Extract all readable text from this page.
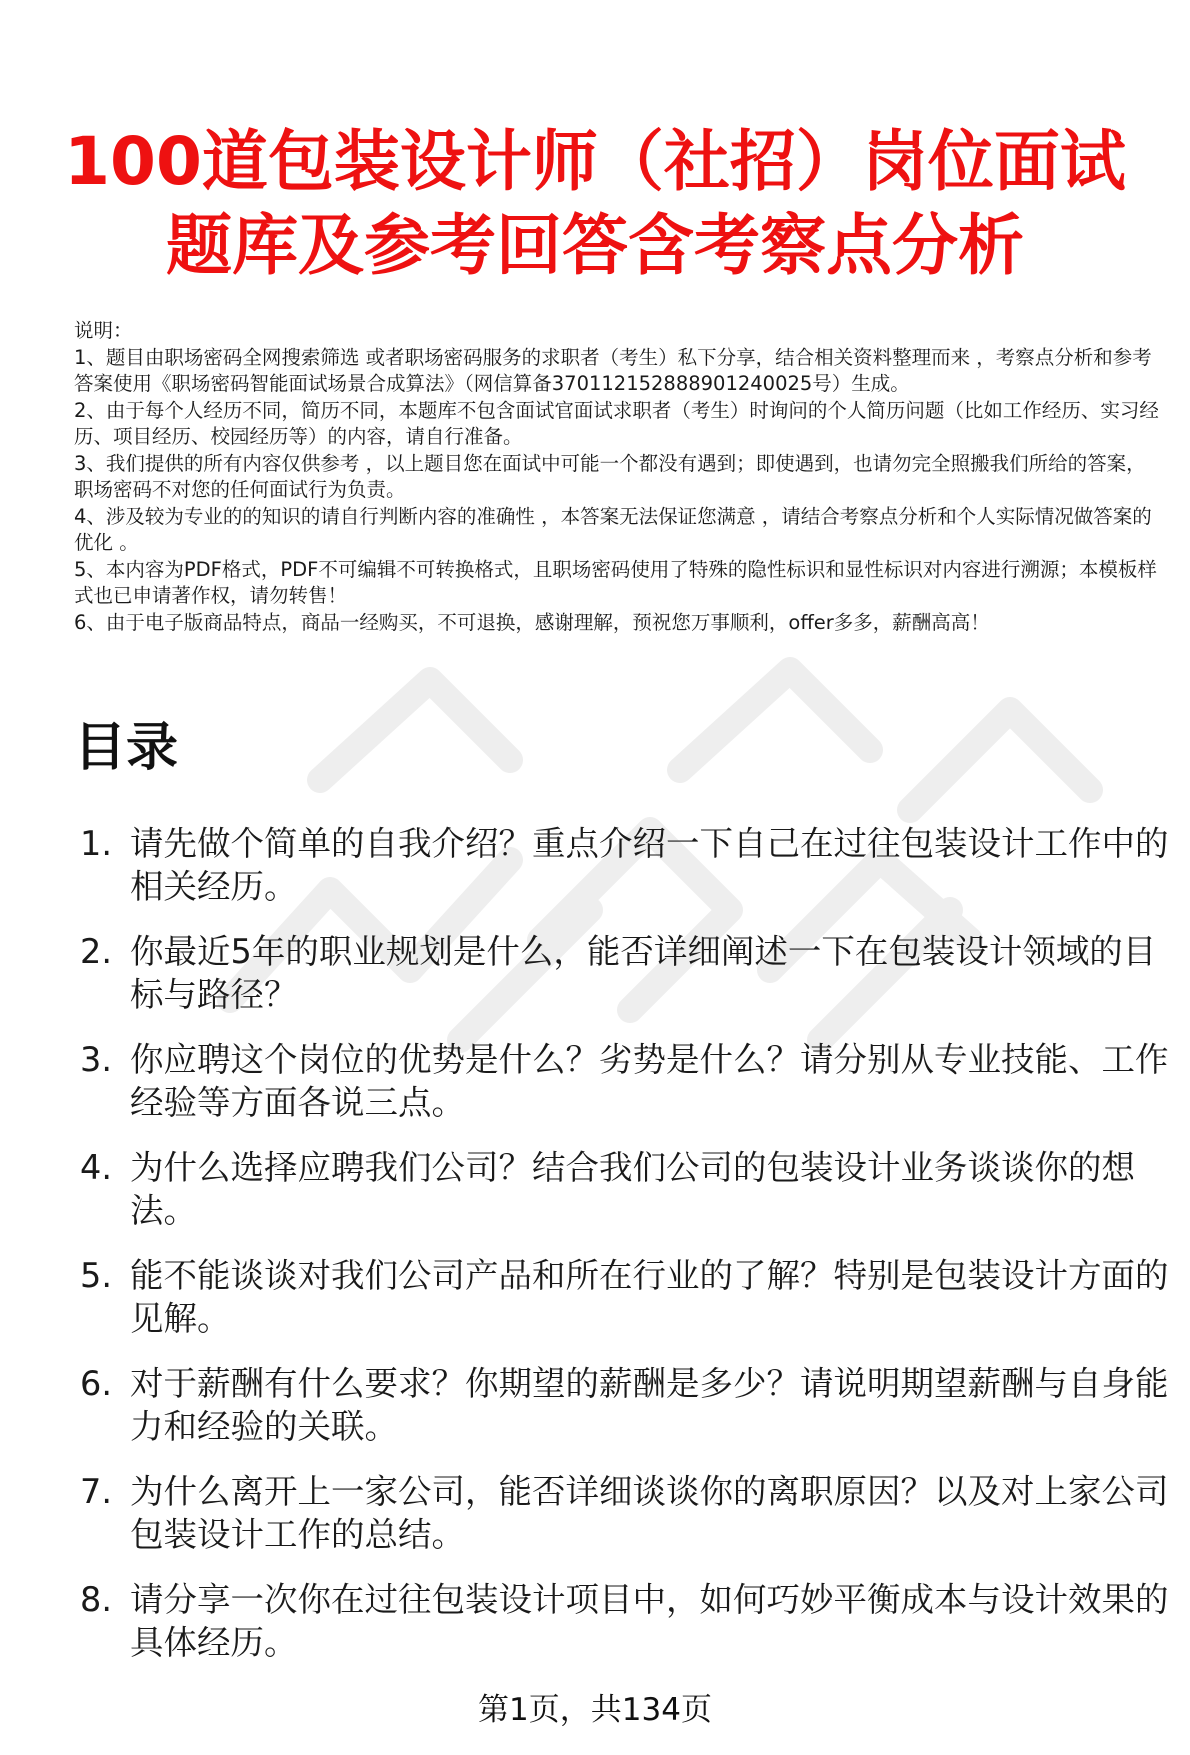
100道包装设计师（社招）岗位面试
题库及参考回答含考察点分析

说明：

1、题目由职场密码全网搜索筛选 或者职场密码服务的求职者（考生）私下分享，结合相关资料整理而来 ，考察点分析和参考答案使用《职场密码智能面试场景合成算法》（网信算备370112152888901240025号）生成。

2、由于每个人经历不同，简历不同，本题库不包含面试官面试求职者（考生）时询问的个人简历问题（比如工作经历、实习经历、项目经历、校园经历等）的内容，请自行准备。

3、我们提供的所有内容仅供参考 ，以上题目您在面试中可能一个都没有遇到；即使遇到，也请勿完全照搬我们所给的答案，职场密码不对您的任何面试行为负责。

4、涉及较为专业的的知识的请自行判断内容的准确性 ，本答案无法保证您满意 ，请结合考察点分析和个人实际情况做答案的优化 。

5、本内容为PDF格式，PDF不可编辑不可转换格式，且职场密码使用了特殊的隐性标识和显性标识对内容进行溯源；本模板样式也已申请著作权，请勿转售！

6、由于电子版商品特点，商品一经购买，不可退换，感谢理解，预祝您万事顺利，offer多多，薪酬高高！

目录
1. 请先做个简单的自我介绍？重点介绍一下自己在过往包装设计工作中的相关经历。
2. 你最近5年的职业规划是什么，能否详细阐述一下在包装设计领域的目标与路径？
3. 你应聘这个岗位的优势是什么？劣势是什么？请分别从专业技能、工作经验等方面各说三点。
4. 为什么选择应聘我们公司？结合我们公司的包装设计业务谈谈你的想法。
5. 能不能谈谈对我们公司产品和所在行业的了解？特别是包装设计方面的见解。
6. 对于薪酬有什么要求？你期望的薪酬是多少？请说明期望薪酬与自身能力和经验的关联。
7. 为什么离开上一家公司，能否详细谈谈你的离职原因？以及对上家公司包装设计工作的总结。
8. 请分享一次你在过往包装设计项目中，如何巧妙平衡成本与设计效果的具体经历。
第1页，共134页
